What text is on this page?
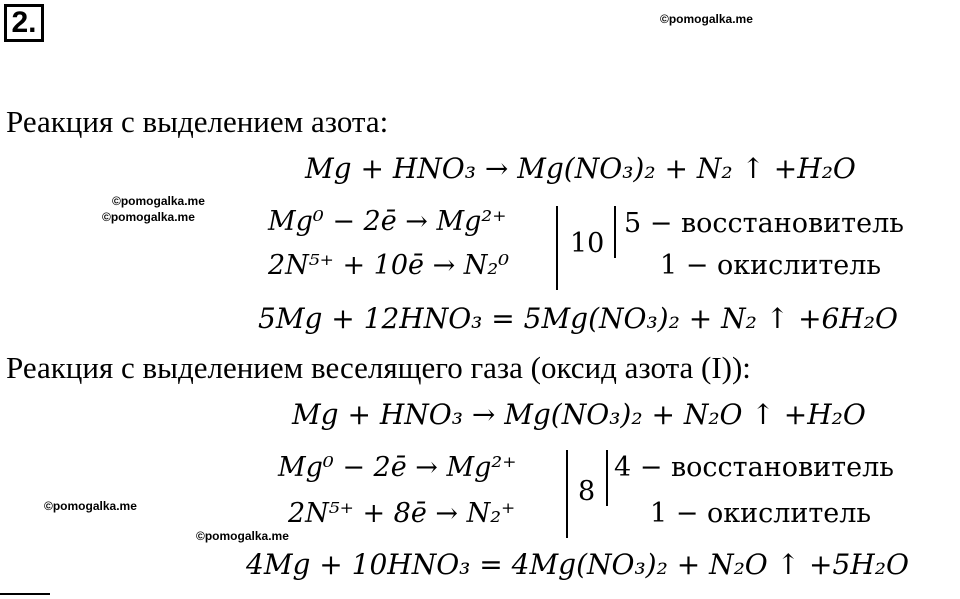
2.	©pomogalka.me
©pomogalka.me
©pomogalka.me
©pomogalka.me
©pomogalka.me
Реакция с выделением азота:
Mg + HNO₃ → Mg(NO₃)₂ + N₂ ↑ +H₂O
Mg⁰ − 2ē → Mg²⁺
2N⁵⁺ + 10ē → N₂⁰
10
5 − восстановитель
1 − окислитель
5Mg + 12HNO₃ = 5Mg(NO₃)₂ + N₂ ↑ +6H₂O
Реакция с выделением веселящего газа (оксид азота (I)):
Mg + HNO₃ → Mg(NO₃)₂ + N₂O ↑ +H₂O
Mg⁰ − 2ē → Mg²⁺
2N⁵⁺ + 8ē → N₂⁺
8
4 − восстановитель
1 − окислитель
4Mg + 10HNO₃ = 4Mg(NO₃)₂ + N₂O ↑ +5H₂O
